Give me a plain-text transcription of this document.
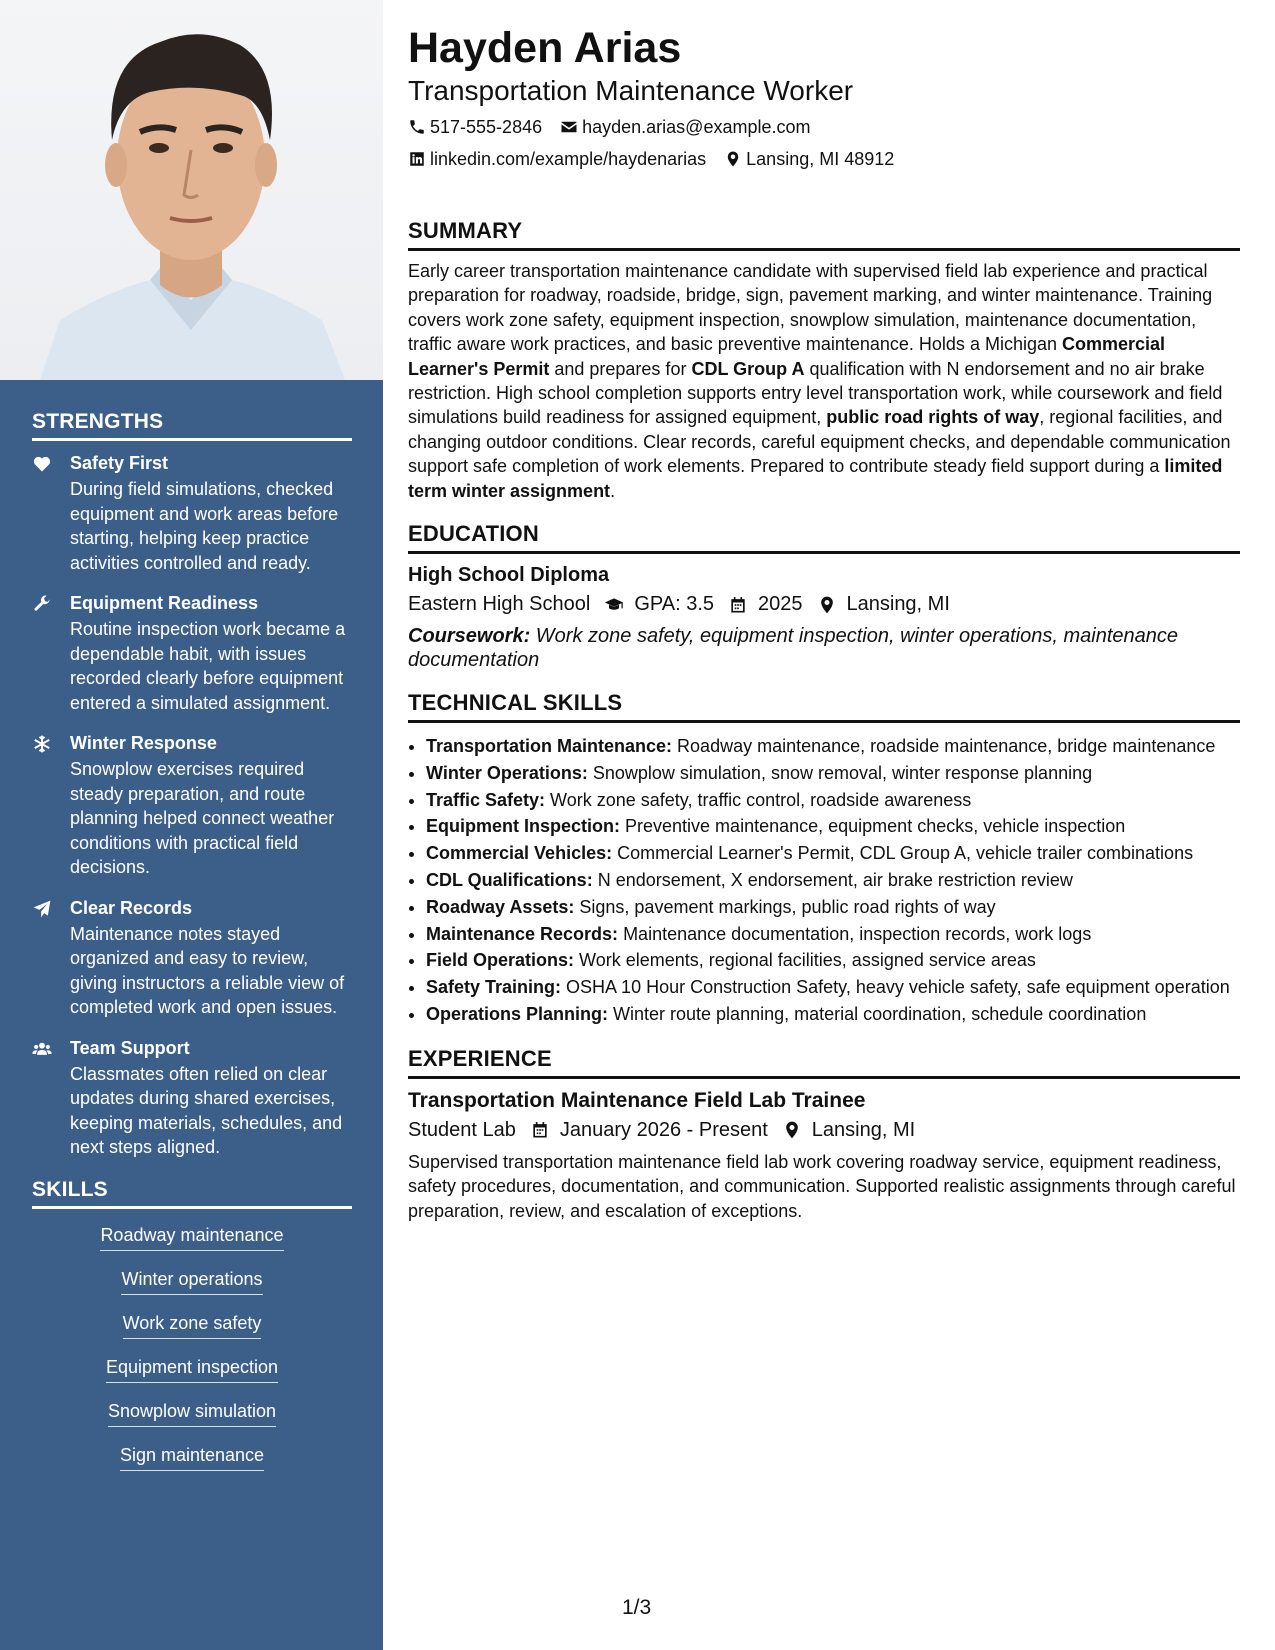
STRENGTHS
Safety First
During field simulations, checked equipment and work areas before starting, helping keep practice activities controlled and ready.
Equipment Readiness
Routine inspection work became a dependable habit, with issues recorded clearly before equipment entered a simulated assignment.
Winter Response
Snowplow exercises required steady preparation, and route planning helped connect weather conditions with practical field decisions.
Clear Records
Maintenance notes stayed organized and easy to review, giving instructors a reliable view of completed work and open issues.
Team Support
Classmates often relied on clear updates during shared exercises, keeping materials, schedules, and next steps aligned.
SKILLS
Roadway maintenance
Winter operations
Work zone safety
Equipment inspection
Snowplow simulation
Sign maintenance
Hayden Arias
Transportation Maintenance Worker
517-555-2846 hayden.arias@example.com
linkedin.com/example/haydenarias Lansing, MI 48912
SUMMARY

Early career transportation maintenance candidate with supervised field lab experience and practical preparation for roadway, roadside, bridge, sign, pavement marking, and winter maintenance. Training covers work zone safety, equipment inspection, snowplow simulation, maintenance documentation, traffic aware work practices, and basic preventive maintenance. Holds a Michigan Commercial Learner's Permit and prepares for CDL Group A qualification with N endorsement and no air brake restriction. High school completion supports entry level transportation work, while coursework and field simulations build readiness for assigned equipment, public road rights of way, regional facilities, and changing outdoor conditions. Clear records, careful equipment checks, and dependable communication support safe completion of work elements. Prepared to contribute steady field support during a limited term winter assignment.

EDUCATION
High School Diploma
Eastern High School GPA: 3.5 2025 Lansing, MI
Coursework: Work zone safety, equipment inspection, winter operations, maintenance documentation
TECHNICAL SKILLS
• Transportation Maintenance: Roadway maintenance, roadside maintenance, bridge maintenance
• Winter Operations: Snowplow simulation, snow removal, winter response planning
• Traffic Safety: Work zone safety, traffic control, roadside awareness
• Equipment Inspection: Preventive maintenance, equipment checks, vehicle inspection
• Commercial Vehicles: Commercial Learner's Permit, CDL Group A, vehicle trailer combinations
• CDL Qualifications: N endorsement, X endorsement, air brake restriction review
• Roadway Assets: Signs, pavement markings, public road rights of way
• Maintenance Records: Maintenance documentation, inspection records, work logs
• Field Operations: Work elements, regional facilities, assigned service areas
• Safety Training: OSHA 10 Hour Construction Safety, heavy vehicle safety, safe equipment operation
• Operations Planning: Winter route planning, material coordination, schedule coordination
EXPERIENCE
Transportation Maintenance Field Lab Trainee
Student Lab January 2026 - Present Lansing, MI

Supervised transportation maintenance field lab work covering roadway service, equipment readiness, safety procedures, documentation, and communication. Supported realistic assignments through careful preparation, review, and escalation of exceptions.

1/3
